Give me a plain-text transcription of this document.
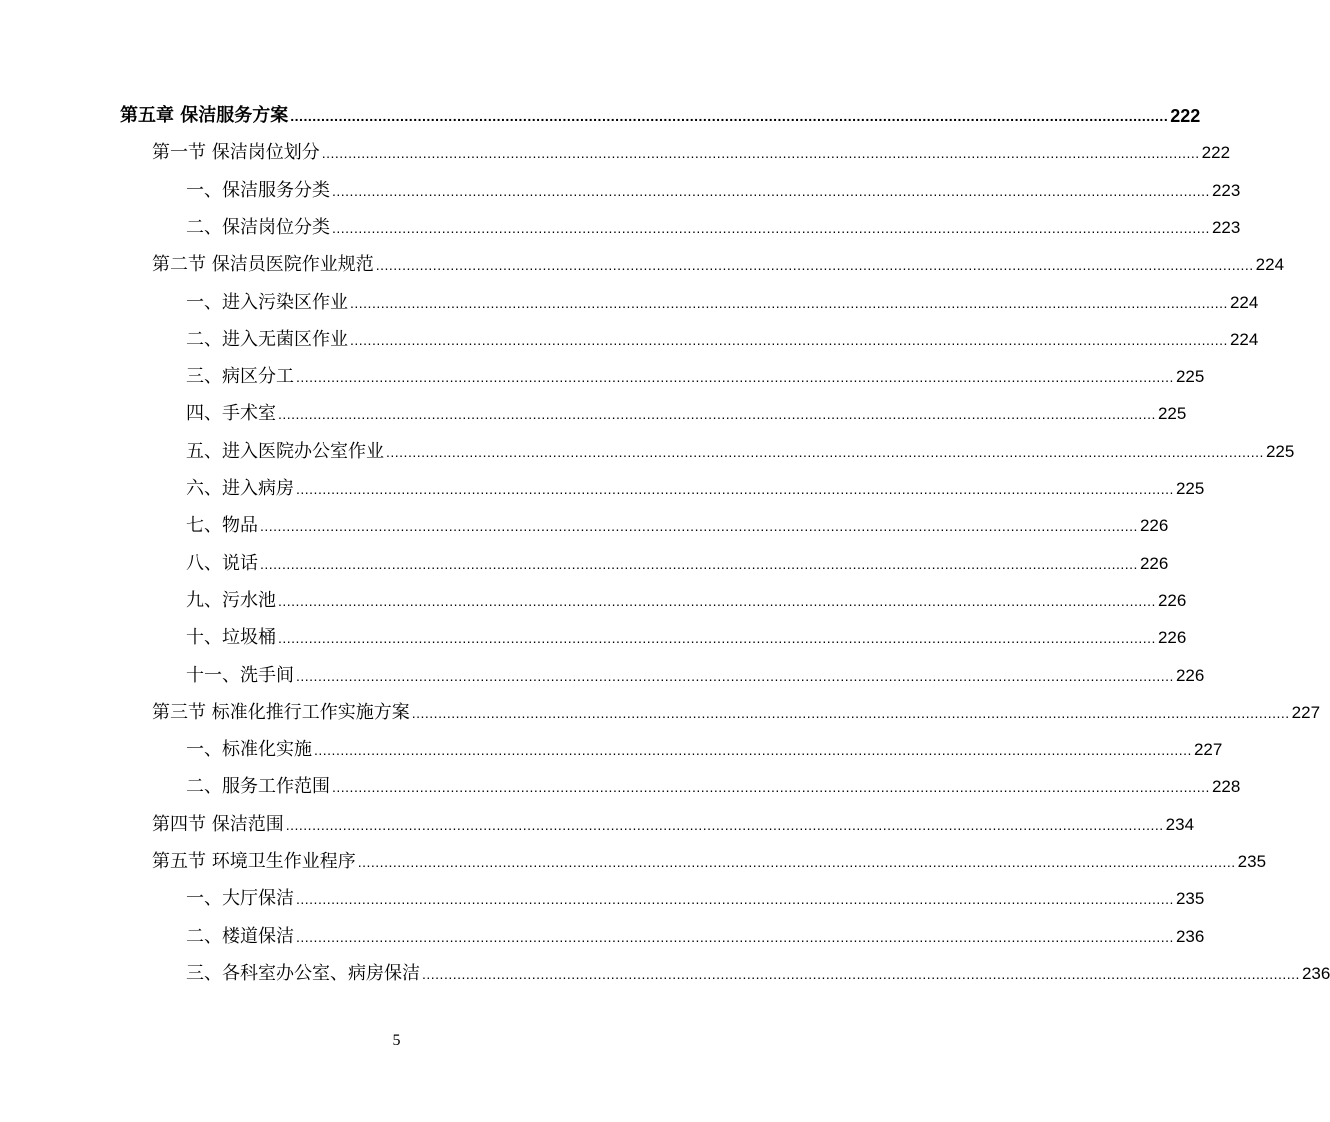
第五章 保洁服务方案 ........................................................................................................................................................................................................ 222
第一节 保洁岗位划分 ........................................................................................................................................................................................................ 222
一、保洁服务分类 ........................................................................................................................................................................................................ 223
二、保洁岗位分类 ........................................................................................................................................................................................................ 223
第二节 保洁员医院作业规范 ........................................................................................................................................................................................................ 224
一、进入污染区作业 ........................................................................................................................................................................................................ 224
二、进入无菌区作业 ........................................................................................................................................................................................................ 224
三、病区分工 ........................................................................................................................................................................................................ 225
四、手术室 ........................................................................................................................................................................................................ 225
五、进入医院办公室作业 ........................................................................................................................................................................................................ 225
六、进入病房 ........................................................................................................................................................................................................ 225
七、物品 ........................................................................................................................................................................................................ 226
八、说话 ........................................................................................................................................................................................................ 226
九、污水池 ........................................................................................................................................................................................................ 226
十、垃圾桶 ........................................................................................................................................................................................................ 226
十一、洗手间 ........................................................................................................................................................................................................ 226
第三节 标准化推行工作实施方案 ........................................................................................................................................................................................................ 227
一、标准化实施 ........................................................................................................................................................................................................ 227
二、服务工作范围 ........................................................................................................................................................................................................ 228
第四节 保洁范围 ........................................................................................................................................................................................................ 234
第五节 环境卫生作业程序 ........................................................................................................................................................................................................ 235
一、大厅保洁 ........................................................................................................................................................................................................ 235
二、楼道保洁 ........................................................................................................................................................................................................ 236
三、各科室办公室、病房保洁 ........................................................................................................................................................................................................ 236
5
